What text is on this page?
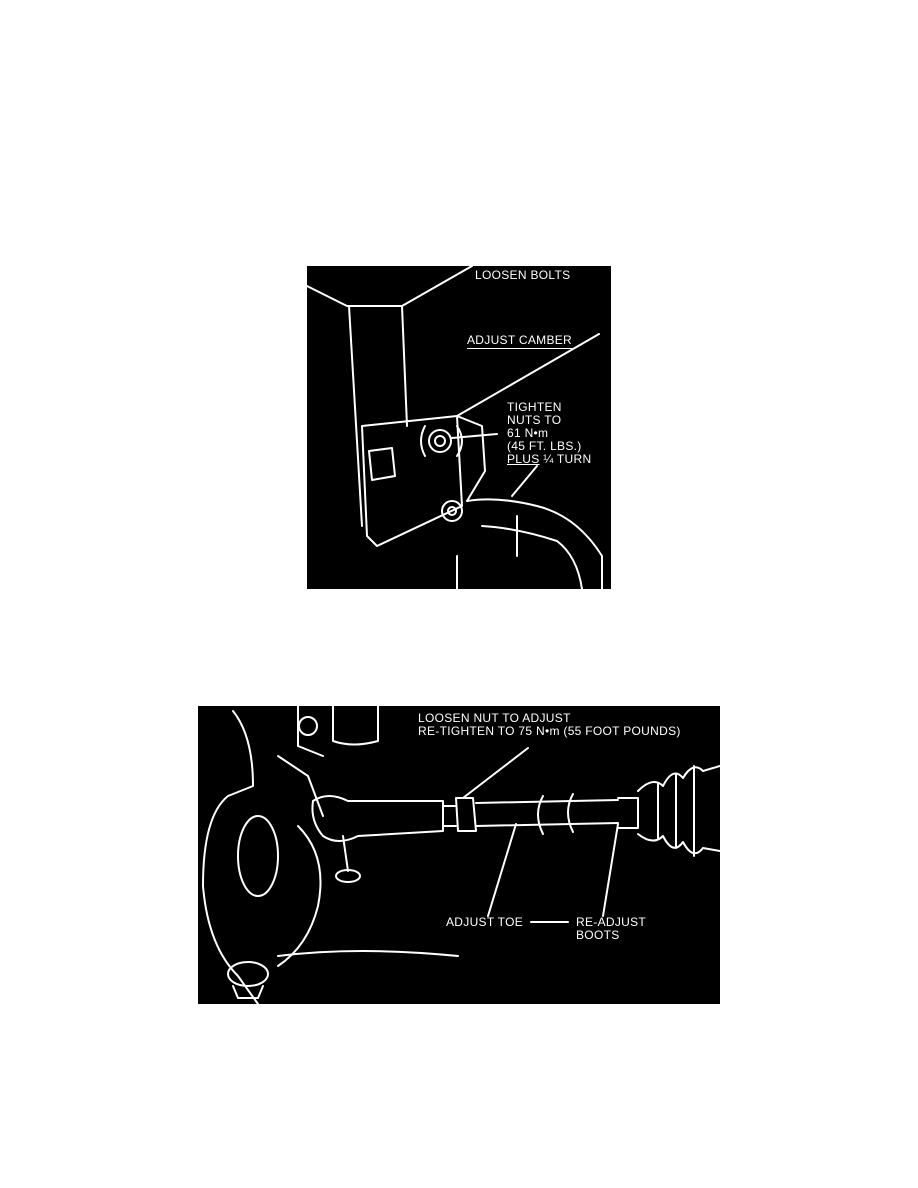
LOOSEN BOLTS
ADJUST CAMBER
TIGHTEN
NUTS TO
61 N•m
(45 FT. LBS.)
PLUS ¼ TURN
LOOSEN NUT TO ADJUST
RE-TIGHTEN TO 75 N•m (55 FOOT POUNDS)
ADJUST TOE	RE-ADJUST
BOOTS
